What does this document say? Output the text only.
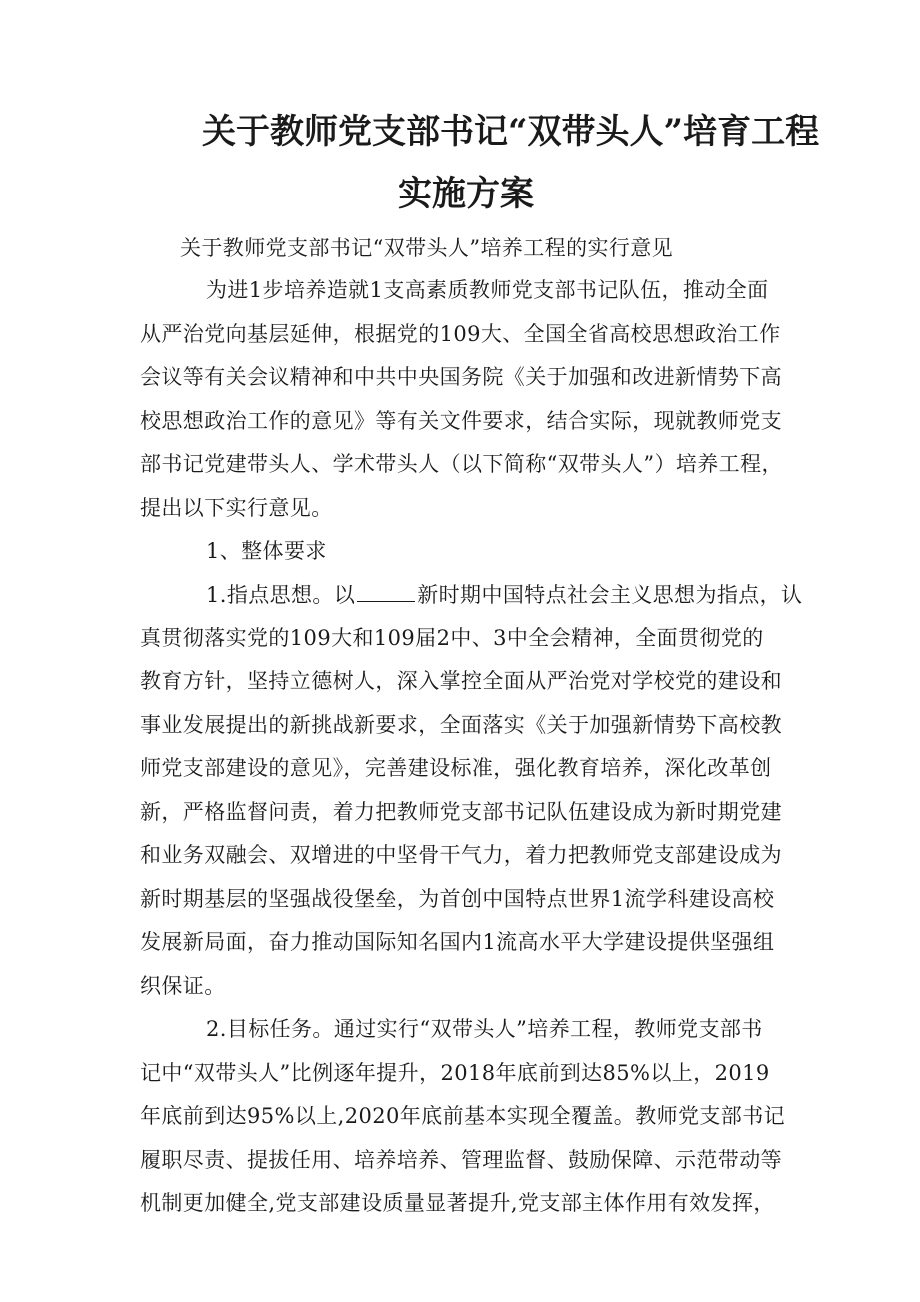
关于教师党支部书记“双带头人”培育工程
实施方案
关于教师党支部书记“双带头人”培养工程的实行意见
为进1步培养造就1支高素质教师党支部书记队伍，推动全面
从严治党向基层延伸，根据党的109大、全国全省高校思想政治工作
会议等有关会议精神和中共中央国务院《关于加强和改进新情势下高
校思想政治工作的意见》等有关文件要求，结合实际，现就教师党支
部书记党建带头人、学术带头人（以下简称“双带头人”）培养工程，
提出以下实行意见。
1、整体要求
1.指点思想。以	新时期中国特点社会主义思想为指点，认
真贯彻落实党的109大和109届2中、3中全会精神，全面贯彻党的
教育方针，坚持立德树人，深入掌控全面从严治党对学校党的建设和
事业发展提出的新挑战新要求，全面落实《关于加强新情势下高校教
师党支部建设的意见》，完善建设标准，强化教育培养，深化改革创
新，严格监督问责，着力把教师党支部书记队伍建设成为新时期党建
和业务双融会、双增进的中坚骨干气力，着力把教师党支部建设成为
新时期基层的坚强战役堡垒，为首创中国特点世界1流学科建设高校
发展新局面，奋力推动国际知名国内1流高水平大学建设提供坚强组
织保证。
2.目标任务。通过实行“双带头人”培养工程，教师党支部书
记中“双带头人”比例逐年提升，2018年底前到达85%以上，2019
年底前到达95%以上,2020年底前基本实现全覆盖。教师党支部书记
履职尽责、提拔任用、培养培养、管理监督、鼓励保障、示范带动等
机制更加健全,党支部建设质量显著提升,党支部主体作用有效发挥，
